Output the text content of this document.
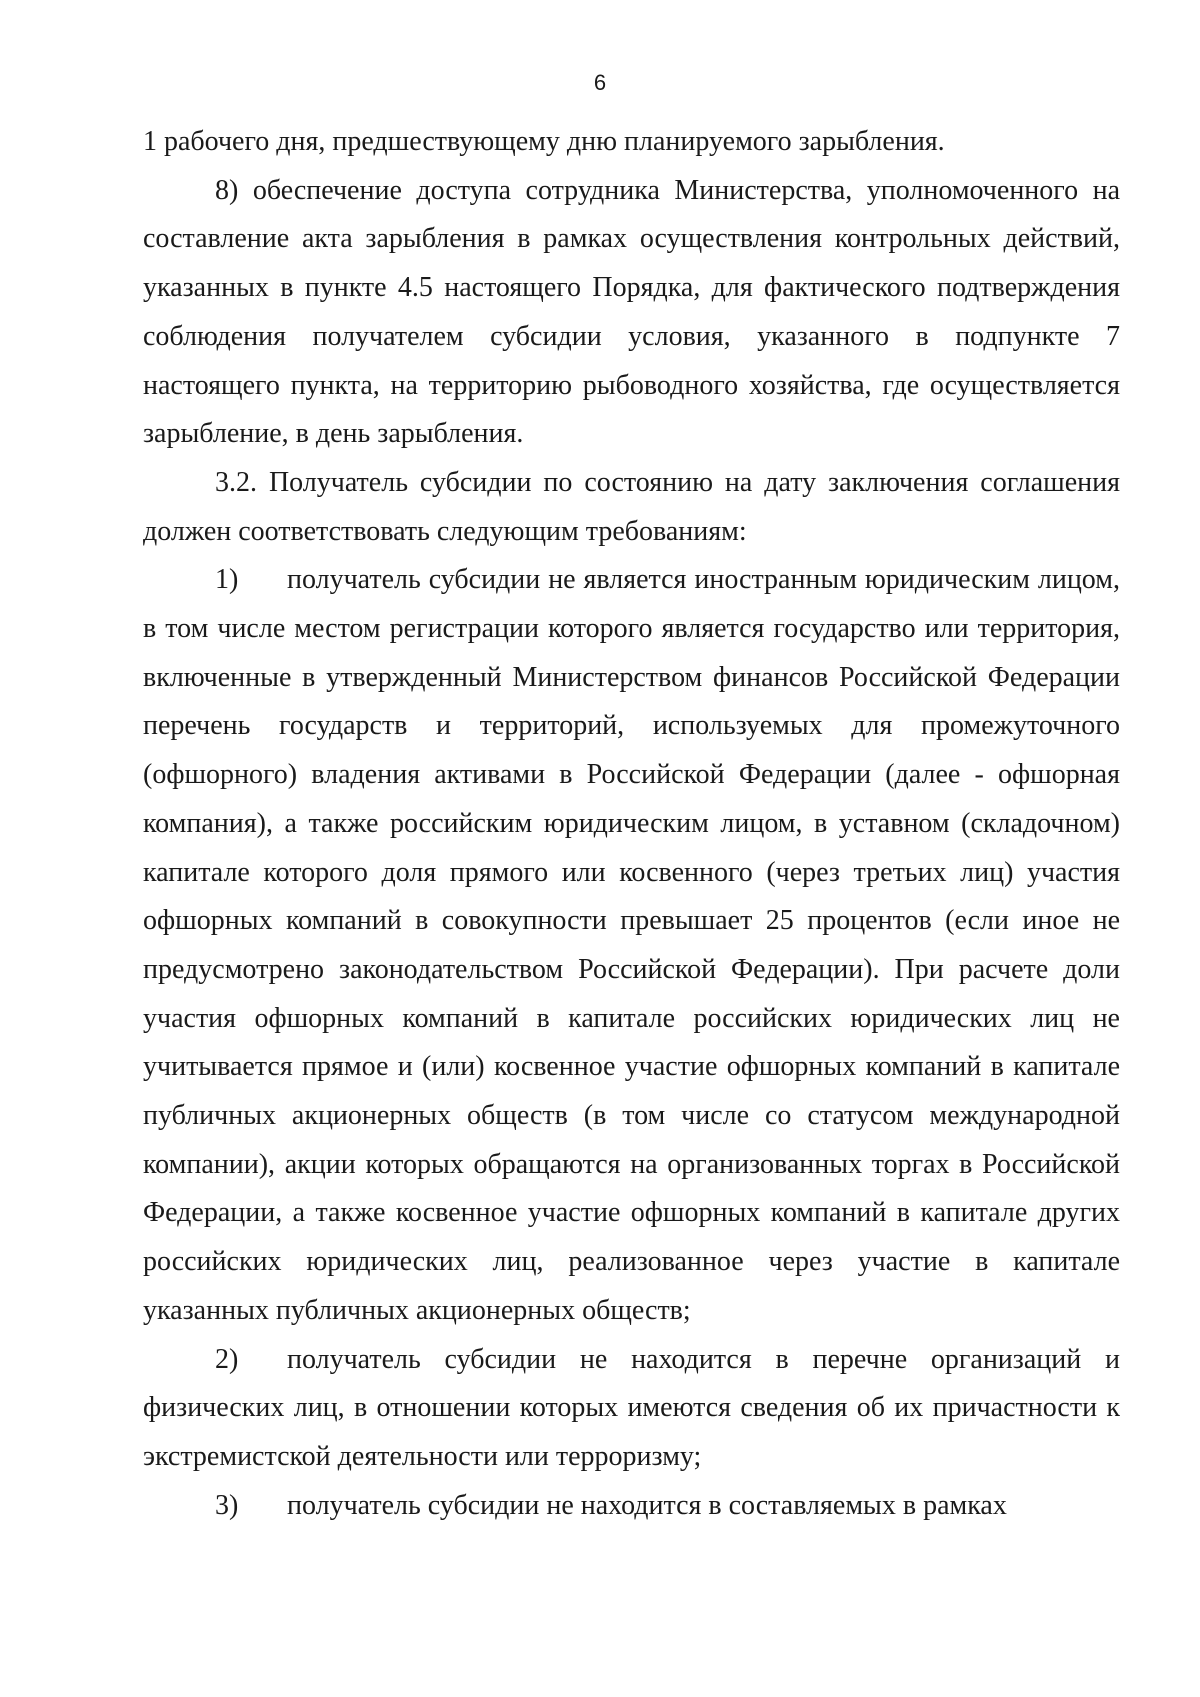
6

1 рабочего дня, предшествующему дню планируемого зарыбления.

8) обеспечение доступа сотрудника Министерства, уполномоченного на составление акта зарыбления в рамках осуществления контрольных действий, указанных в пункте 4.5 настоящего Порядка, для фактического подтверждения соблюдения получателем субсидии условия, указанного в подпункте 7 настоящего пункта, на территорию рыбоводного хозяйства, где осуществляется зарыбление, в день зарыбления.

3.2. Получатель субсидии по состоянию на дату заключения соглашения должен соответствовать следующим требованиям:

1) получатель субсидии не является иностранным юридическим лицом, в том числе местом регистрации которого является государство или территория, включенные в утвержденный Министерством финансов Российской Федерации перечень государств и территорий, используемых для промежуточного (офшорного) владения активами в Российской Федерации (далее - офшорная компания), а также российским юридическим лицом, в уставном (складочном) капитале которого доля прямого или косвенного (через третьих лиц) участия офшорных компаний в совокупности превышает 25 процентов (если иное не предусмотрено законодательством Российской Федерации). При расчете доли участия офшорных компаний в капитале российских юридических лиц не учитывается прямое и (или) косвенное участие офшорных компаний в капитале публичных акционерных обществ (в том числе со статусом международной компании), акции которых обращаются на организованных торгах в Российской Федерации, а также косвенное участие офшорных компаний в капитале других российских юридических лиц, реализованное через участие в капитале указанных публичных акционерных обществ;

2) получатель субсидии не находится в перечне организаций и физических лиц, в отношении которых имеются сведения об их причастности к экстремистской деятельности или терроризму;

3) получатель субсидии не находится в составляемых в рамках
